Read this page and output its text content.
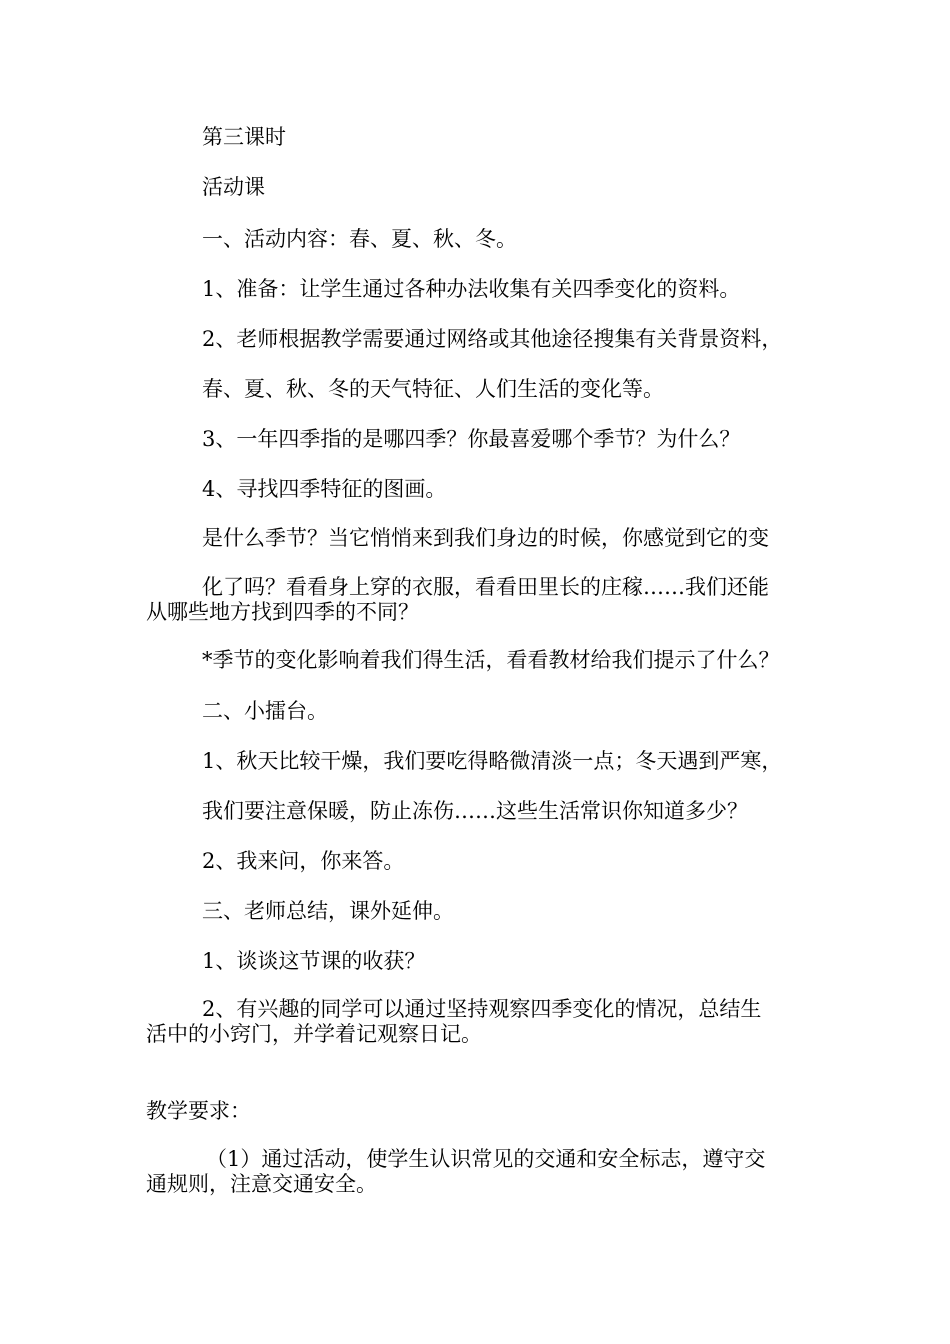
第三课时

活动课

一、活动内容：春、夏、秋、冬。

1、准备：让学生通过各种办法收集有关四季变化的资料。

2、老师根据教学需要通过网络或其他途径搜集有关背景资料，

春、夏、秋、冬的天气特征、人们生活的变化等。

3、一年四季指的是哪四季？你最喜爱哪个季节？为什么？

4、寻找四季特征的图画。

是什么季节？当它悄悄来到我们身边的时候，你感觉到它的变

化了吗？看看身上穿的衣服，看看田里长的庄稼……我们还能
从哪些地方找到四季的不同？

*季节的变化影响着我们得生活，看看教材给我们提示了什么？

二、小擂台。

1、秋天比较干燥，我们要吃得略微清淡一点；冬天遇到严寒，

我们要注意保暖，防止冻伤……这些生活常识你知道多少？

2、我来问，你来答。

三、老师总结，课外延伸。

1、谈谈这节课的收获？

2、有兴趣的同学可以通过坚持观察四季变化的情况，总结生
活中的小窍门，并学着记观察日记。

教学要求：

（1）通过活动，使学生认识常见的交通和安全标志，遵守交
通规则，注意交通安全。
